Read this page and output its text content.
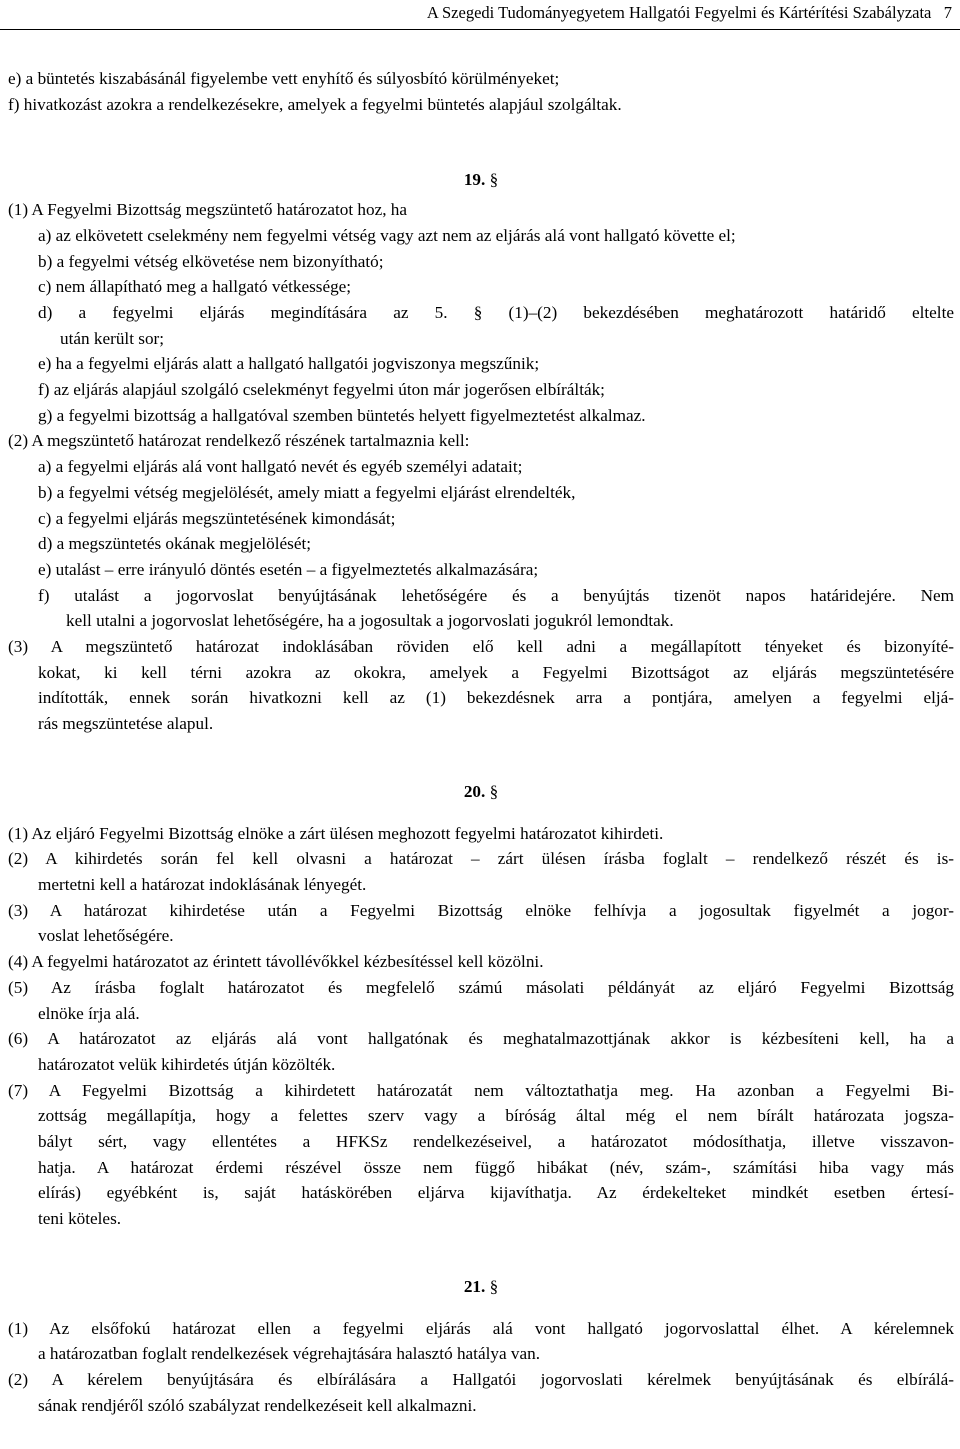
A Szegedi Tudományegyetem Hallgatói Fegyelmi és Kártérítési Szabályzata 7
e) a büntetés kiszabásánál figyelembe vett enyhítő és súlyosbító körülményeket;
f) hivatkozást azokra a rendelkezésekre, amelyek a fegyelmi büntetés alapjául szolgáltak.
19. §
(1) A Fegyelmi Bizottság megszüntető határozatot hoz, ha
a) az elkövetett cselekmény nem fegyelmi vétség vagy azt nem az eljárás alá vont hallgató követte el;
b) a fegyelmi vétség elkövetése nem bizonyítható;
c) nem állapítható meg a hallgató vétkessége;
d) a fegyelmi eljárás megindítására az 5. § (1)–(2) bekezdésében meghatározott határidő eltelte
után került sor;
e) ha a fegyelmi eljárás alatt a hallgató hallgatói jogviszonya megszűnik;
f) az eljárás alapjául szolgáló cselekményt fegyelmi úton már jogerősen elbírálták;
g) a fegyelmi bizottság a hallgatóval szemben büntetés helyett figyelmeztetést alkalmaz.
(2) A megszüntető határozat rendelkező részének tartalmaznia kell:
a) a fegyelmi eljárás alá vont hallgató nevét és egyéb személyi adatait;
b) a fegyelmi vétség megjelölését, amely miatt a fegyelmi eljárást elrendelték,
c) a fegyelmi eljárás megszüntetésének kimondását;
d) a megszüntetés okának megjelölését;
e) utalást – erre irányuló döntés esetén – a figyelmeztetés alkalmazására;
f) utalást a jogorvoslat benyújtásának lehetőségére és a benyújtás tizenöt napos határidejére. Nem
kell utalni a jogorvoslat lehetőségére, ha a jogosultak a jogorvoslati jogukról lemondtak.
(3) A megszüntető határozat indoklásában röviden elő kell adni a megállapított tényeket és bizonyíté-
kokat, ki kell térni azokra az okokra, amelyek a Fegyelmi Bizottságot az eljárás megszüntetésére
indították, ennek során hivatkozni kell az (1) bekezdésnek arra a pontjára, amelyen a fegyelmi eljá-
rás megszüntetése alapul.
20. §
(1) Az eljáró Fegyelmi Bizottság elnöke a zárt ülésen meghozott fegyelmi határozatot kihirdeti.
(2) A kihirdetés során fel kell olvasni a határozat – zárt ülésen írásba foglalt – rendelkező részét és is-
mertetni kell a határozat indoklásának lényegét.
(3) A határozat kihirdetése után a Fegyelmi Bizottság elnöke felhívja a jogosultak figyelmét a jogor-
voslat lehetőségére.
(4) A fegyelmi határozatot az érintett távollévőkkel kézbesítéssel kell közölni.
(5) Az írásba foglalt határozatot és megfelelő számú másolati példányát az eljáró Fegyelmi Bizottság
elnöke írja alá.
(6) A határozatot az eljárás alá vont hallgatónak és meghatalmazottjának akkor is kézbesíteni kell, ha a
határozatot velük kihirdetés útján közölték.
(7) A Fegyelmi Bizottság a kihirdetett határozatát nem változtathatja meg. Ha azonban a Fegyelmi Bi-
zottság megállapítja, hogy a felettes szerv vagy a bíróság által még el nem bírált határozata jogsza-
bályt sért, vagy ellentétes a HFKSz rendelkezéseivel, a határozatot módosíthatja, illetve visszavon-
hatja. A határozat érdemi részével össze nem függő hibákat (név, szám-, számítási hiba vagy más
elírás) egyébként is, saját hatáskörében eljárva kijavíthatja. Az érdekelteket mindkét esetben értesí-
teni köteles.
21. §
(1) Az elsőfokú határozat ellen a fegyelmi eljárás alá vont hallgató jogorvoslattal élhet. A kérelemnek
a határozatban foglalt rendelkezések végrehajtására halasztó hatálya van.
(2) A kérelem benyújtására és elbírálására a Hallgatói jogorvoslati kérelmek benyújtásának és elbírálá-
sának rendjéről szóló szabályzat rendelkezéseit kell alkalmazni.
